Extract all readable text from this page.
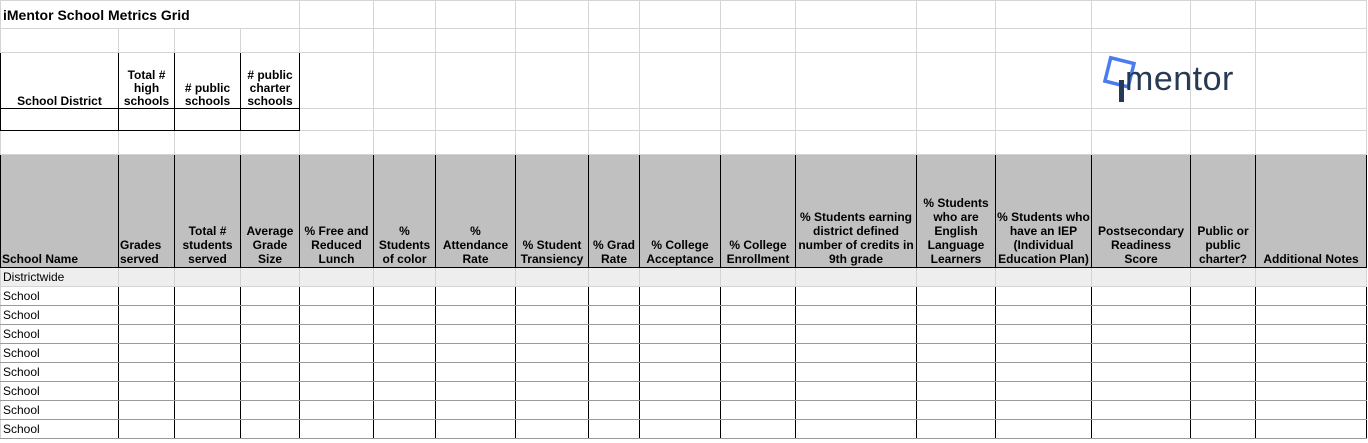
iMentor School Metrics Grid																

School District	Total # high schools	# public schools	# public charter schools													

School Name	Grades served	Total # students served	Average Grade Size	% Free and Reduced Lunch	% Students of color	% Attendance Rate	% Student Transiency	% Grad Rate	% College Acceptance	% College Enrollment	% Students earning district defined number of credits in 9th grade	% Students who are English Language Learners	% Students who have an IEP (Individual Education Plan)	Postsecondary Readiness Score	Public or public charter?	Additional Notes
Districtwide																
School																
School																
School																
School																
School																
School																
School																
School																
mentor
